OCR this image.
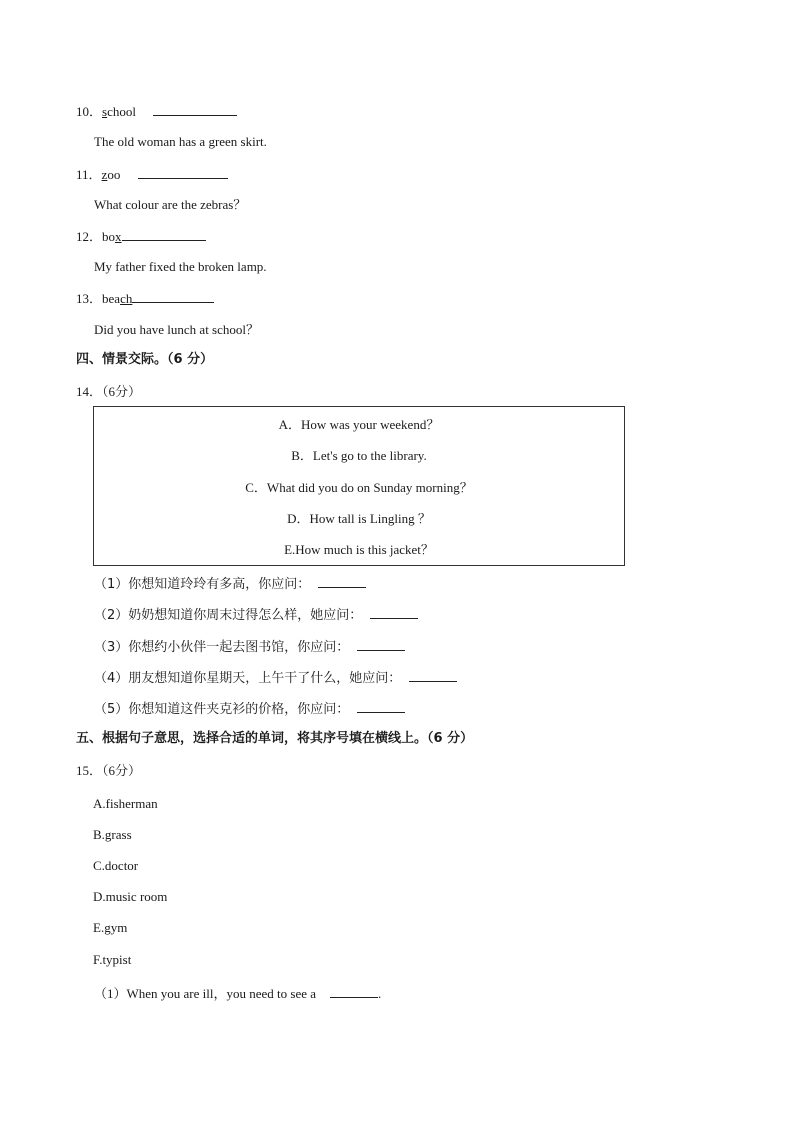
10．school
The old woman has a green skirt.
11．zoo
What colour are the zebras？
12．box
My father fixed the broken lamp.
13．beach
Did you have lunch at school？
四、情景交际。（6 分）
14．（6分）
A．How was your weekend？
B．Let's go to the library.
C．What did you do on Sunday morning？
D．How tall is Lingling ？
E.How much is this jacket？
（1）你想知道玲玲有多高，你应问：
（2）奶奶想知道你周末过得怎么样，她应问：
（3）你想约小伙伴一起去图书馆，你应问：
（4）朋友想知道你星期天，上午干了什么，她应问：
（5）你想知道这件夹克衫的价格，你应问：
五、根据句子意思，选择合适的单词，将其序号填在横线上。（6 分）
15．（6分）
A.fisherman
B.grass
C.doctor
D.music room
E.gym
F.typist
（1）When you are ill，you need to see a	.
